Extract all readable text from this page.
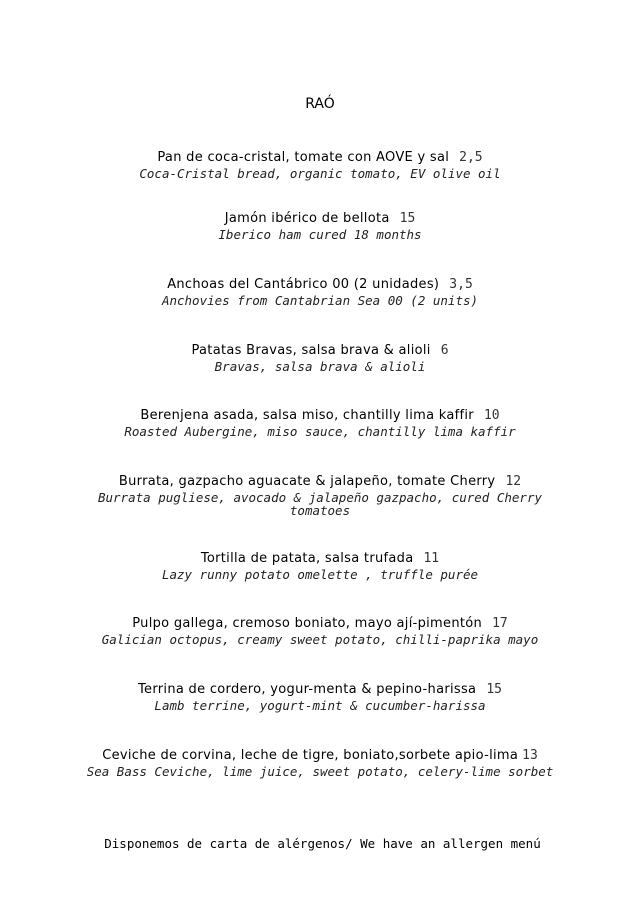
RAÓ
Pan de coca-cristal, tomate con AOVE y sal 2,5
Coca-Cristal bread, organic tomato, EV olive oil
Jamón ibérico de bellota 15
Iberico ham cured 18 months
Anchoas del Cantábrico 00 (2 unidades) 3,5
Anchovies from Cantabrian Sea 00 (2 units)
Patatas Bravas, salsa brava & alioli 6
Bravas, salsa brava & alioli
Berenjena asada, salsa miso, chantilly lima kaffir 10
Roasted Aubergine, miso sauce, chantilly lima kaffir
Burrata, gazpacho aguacate & jalapeño, tomate Cherry 12
Burrata pugliese, avocado & jalapeño gazpacho, cured Cherry tomatoes
Tortilla de patata, salsa trufada 11
Lazy runny potato omelette , truffle purée
Pulpo gallega, cremoso boniato, mayo ají-pimentón 17
Galician octopus, creamy sweet potato, chilli-paprika mayo
Terrina de cordero, yogur-menta & pepino-harissa 15
Lamb terrine, yogurt-mint & cucumber-harissa
Ceviche de corvina, leche de tigre, boniato,sorbete apio-lima 13
Sea Bass Ceviche, lime juice, sweet potato, celery-lime sorbet
Disponemos de carta de alérgenos/ We have an allergen menú
